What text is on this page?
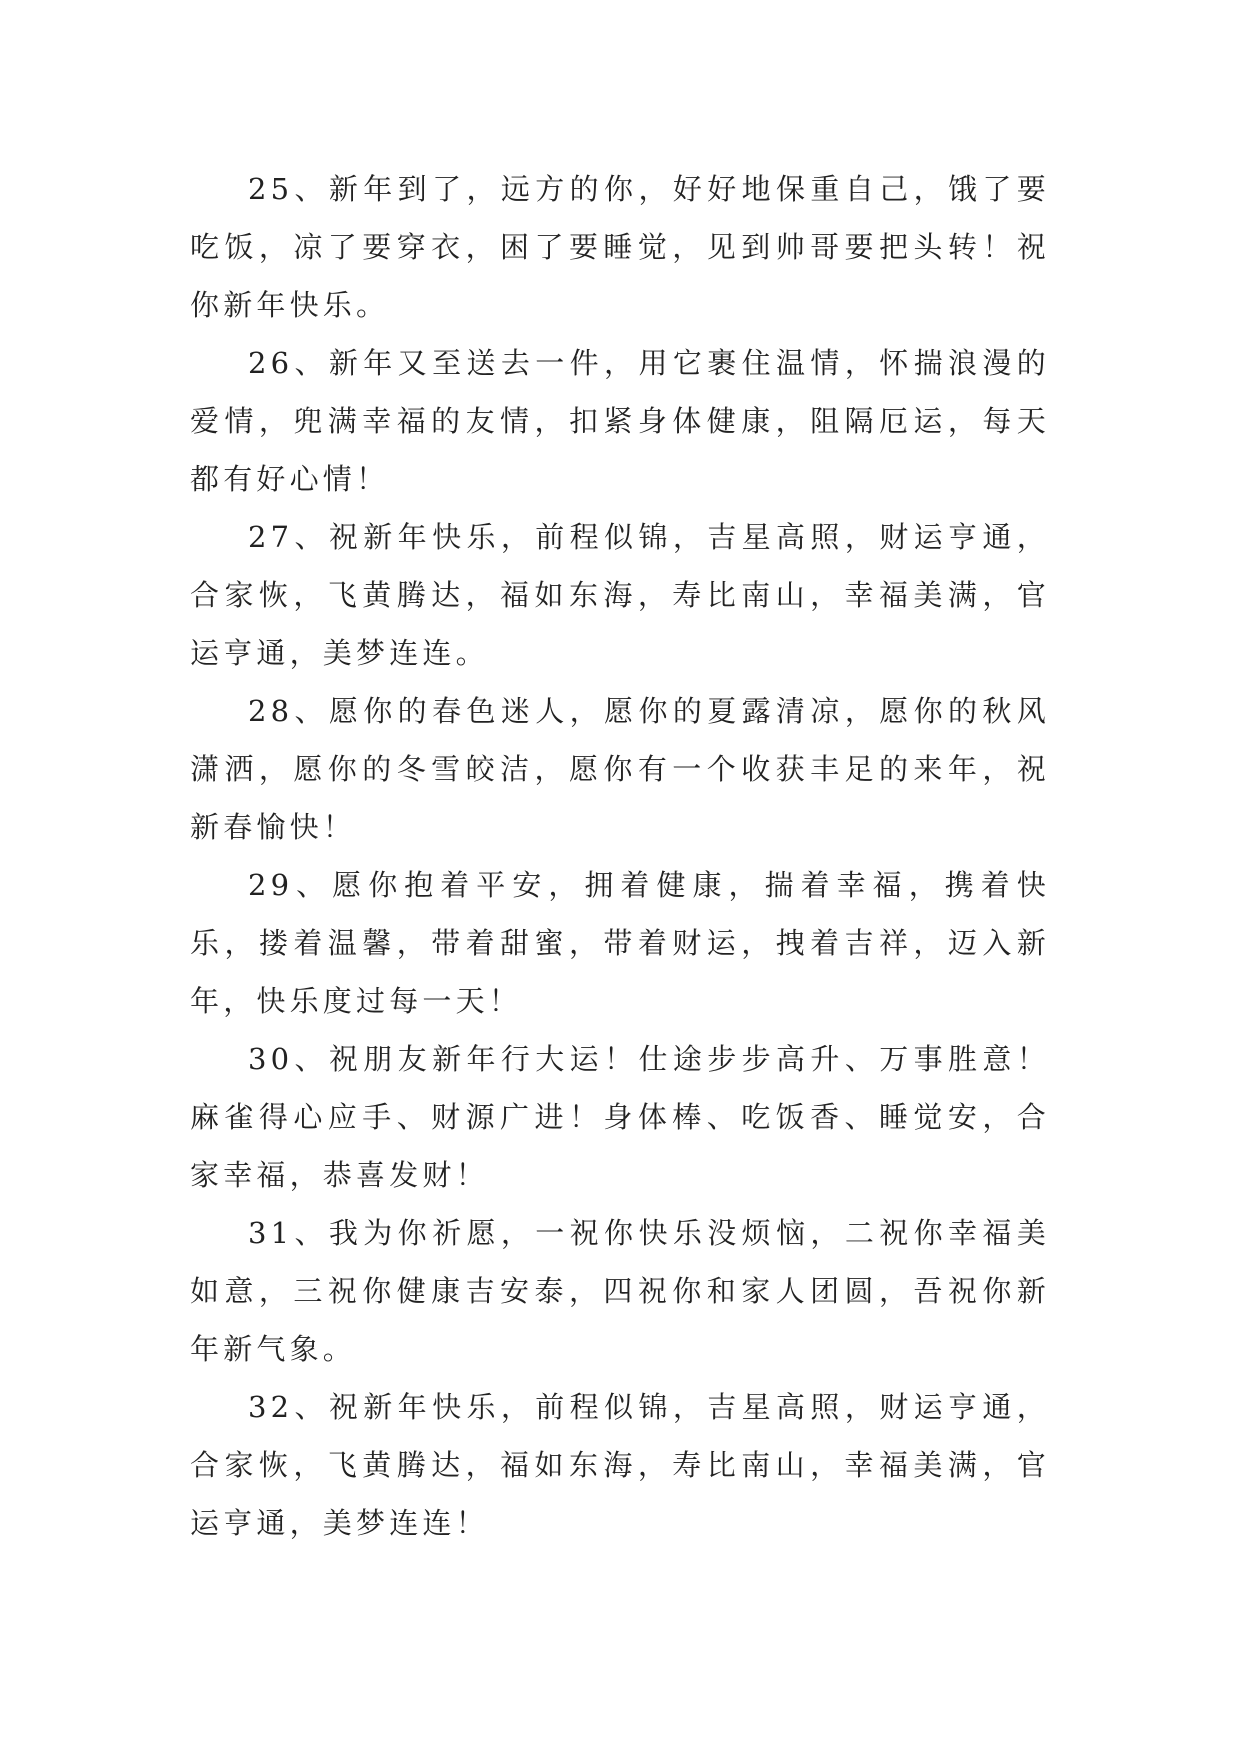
25、新年到了，远方的你，好好地保重自己，饿了要吃饭，凉了要穿衣，困了要睡觉，见到帅哥要把头转！祝你新年快乐。

26、新年又至送去一件，用它裹住温情，怀揣浪漫的爱情，兜满幸福的友情，扣紧身体健康，阻隔厄运，每天都有好心情！

27、祝新年快乐，前程似锦，吉星高照，财运亨通，合家恢，飞黄腾达，福如东海，寿比南山，幸福美满，官运亨通，美梦连连。

28、愿你的春色迷人，愿你的夏露清凉，愿你的秋风潇洒，愿你的冬雪皎洁，愿你有一个收获丰足的来年，祝新春愉快！

29、愿你抱着平安，拥着健康，揣着幸福，携着快乐，搂着温馨，带着甜蜜，带着财运，拽着吉祥，迈入新年，快乐度过每一天！

30、祝朋友新年行大运！仕途步步高升、万事胜意！麻雀得心应手、财源广进！身体棒、吃饭香、睡觉安，合家幸福，恭喜发财！

31、我为你祈愿，一祝你快乐没烦恼，二祝你幸福美如意，三祝你健康吉安泰，四祝你和家人团圆，吾祝你新年新气象。

32、祝新年快乐，前程似锦，吉星高照，财运亨通，合家恢，飞黄腾达，福如东海，寿比南山，幸福美满，官运亨通，美梦连连！
